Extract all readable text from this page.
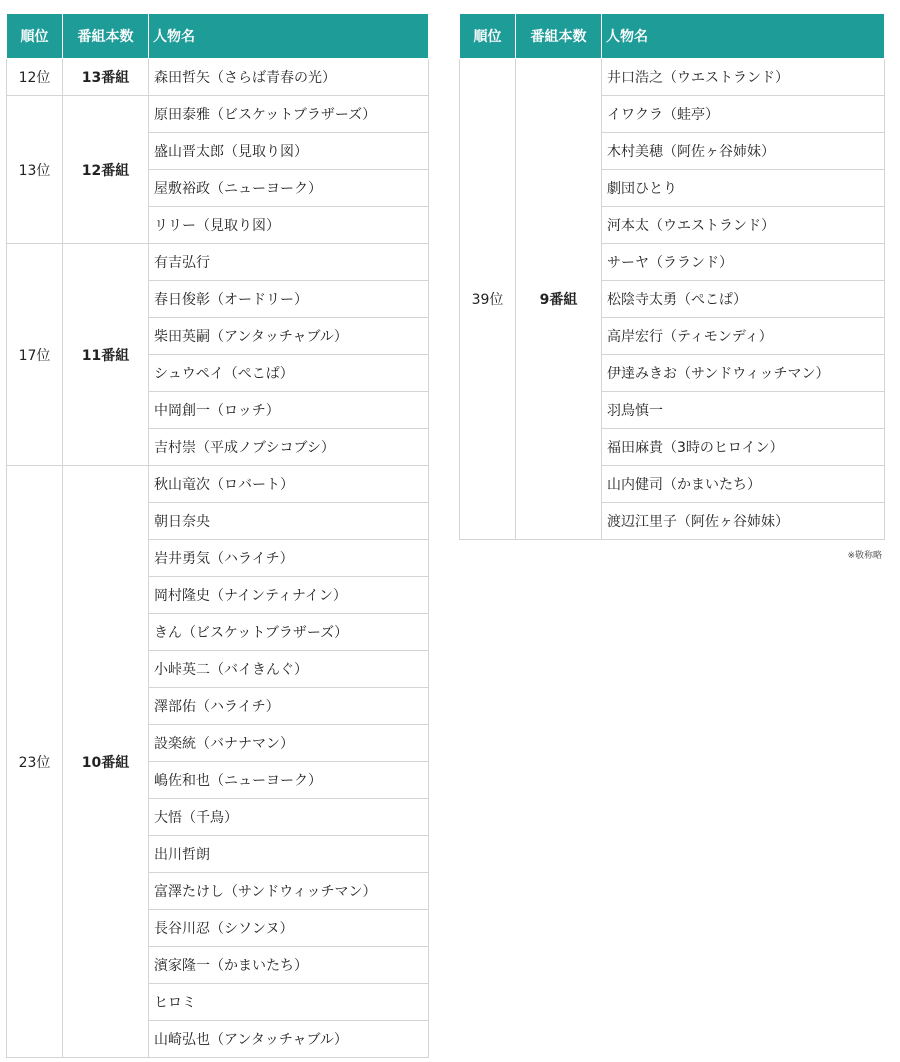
順位	番組本数	人物名
12位	13番組	森田哲矢（さらば青春の光）
13位	12番組	原田泰雅（ビスケットブラザーズ）
		盛山晋太郎（見取り図）
		屋敷裕政（ニューヨーク）
		リリー（見取り図）
17位	11番組	有吉弘行
		春日俊彰（オードリー）
		柴田英嗣（アンタッチャブル）
		シュウペイ（ぺこぱ）
		中岡創一（ロッチ）
		吉村崇（平成ノブシコブシ）
23位	10番組	秋山竜次（ロバート）
		朝日奈央
		岩井勇気（ハライチ）
		岡村隆史（ナインティナイン）
		きん（ビスケットブラザーズ）
		小峠英二（バイきんぐ）
		澤部佑（ハライチ）
		設楽統（バナナマン）
		嶋佐和也（ニューヨーク）
		大悟（千鳥）
		出川哲朗
		富澤たけし（サンドウィッチマン）
		長谷川忍（シソンヌ）
		濱家隆一（かまいたち）
		ヒロミ
		山崎弘也（アンタッチャブル）
順位	番組本数	人物名
39位	9番組	井口浩之（ウエストランド）
		イワクラ（蛙亭）
		木村美穂（阿佐ヶ谷姉妹）
		劇団ひとり
		河本太（ウエストランド）
		サーヤ（ラランド）
		松陰寺太勇（ぺこぱ）
		高岸宏行（ティモンディ）
		伊達みきお（サンドウィッチマン）
		羽鳥慎一
		福田麻貴（3時のヒロイン）
		山内健司（かまいたち）
		渡辺江里子（阿佐ヶ谷姉妹）
※敬称略
